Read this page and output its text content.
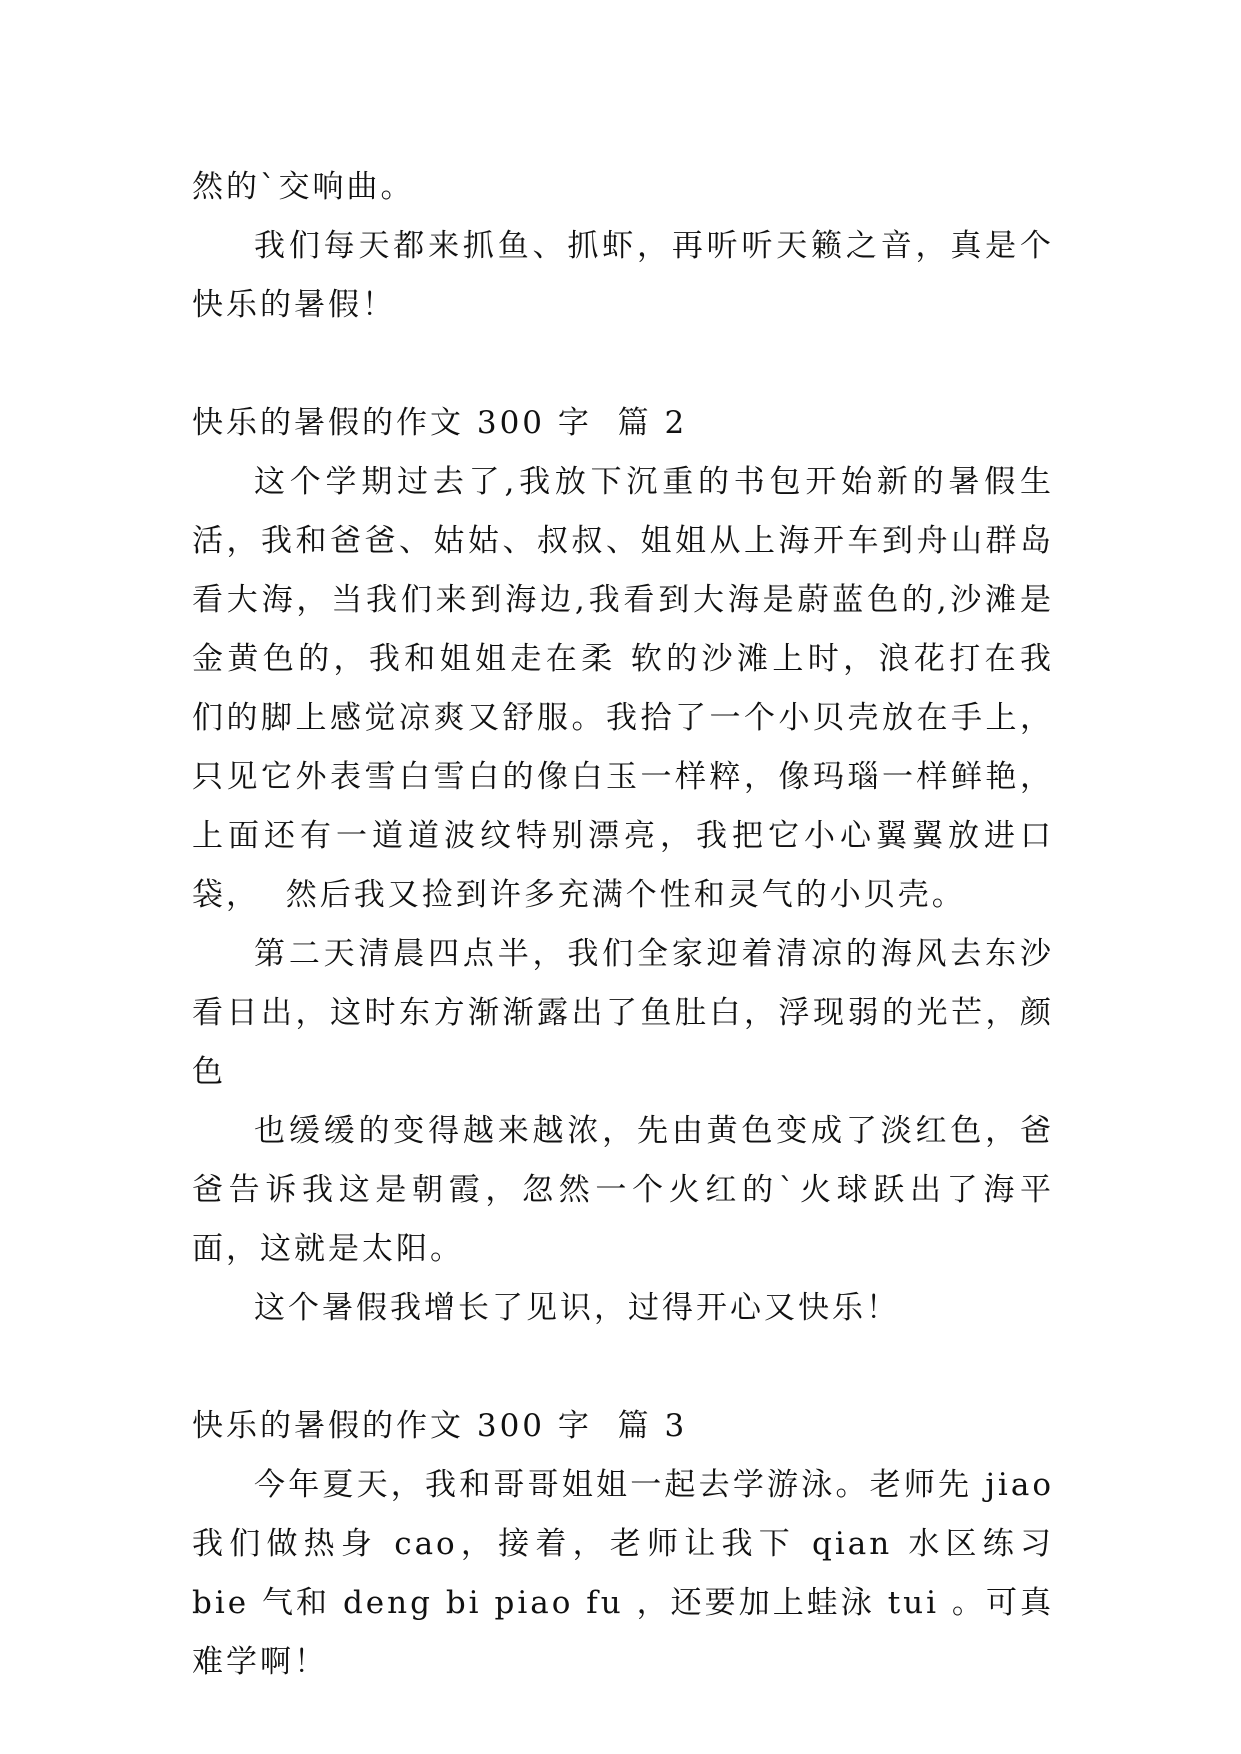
然的`交响曲。

我们每天都来抓鱼、抓虾，再听听天籁之音，真是个快乐的暑假！

快乐的暑假的作文 300 字  篇 2

这个学期过去了,我放下沉重的书包开始新的暑假生活，我和爸爸、姑姑、叔叔、姐姐从上海开车到舟山群岛看大海，当我们来到海边,我看到大海是蔚蓝色的,沙滩是金黄色的，我和姐姐走在柔 软的沙滩上时，浪花打在我们的脚上感觉凉爽又舒服。我拾了一个小贝壳放在手上，只见它外表雪白雪白的像白玉一样粹，像玛瑙一样鲜艳，上面还有一道道波纹特别漂亮，我把它小心翼翼放进口袋，  然后我又捡到许多充满个性和灵气的小贝壳。

第二天清晨四点半，我们全家迎着清凉的海风去东沙看日出，这时东方渐渐露出了鱼肚白，浮现弱的光芒，颜色

也缓缓的变得越来越浓，先由黄色变成了淡红色，爸爸告诉我这是朝霞，忽然一个火红的`火球跃出了海平面，这就是太阳。

这个暑假我增长了见识，过得开心又快乐！

快乐的暑假的作文 300 字  篇 3

今年夏天，我和哥哥姐姐一起去学游泳。老师先 jiao 我们做热身 cao，接着，老师让我下 qian 水区练习 bie 气和 deng bi piao fu ，还要加上蛙泳 tui 。可真难学啊！
